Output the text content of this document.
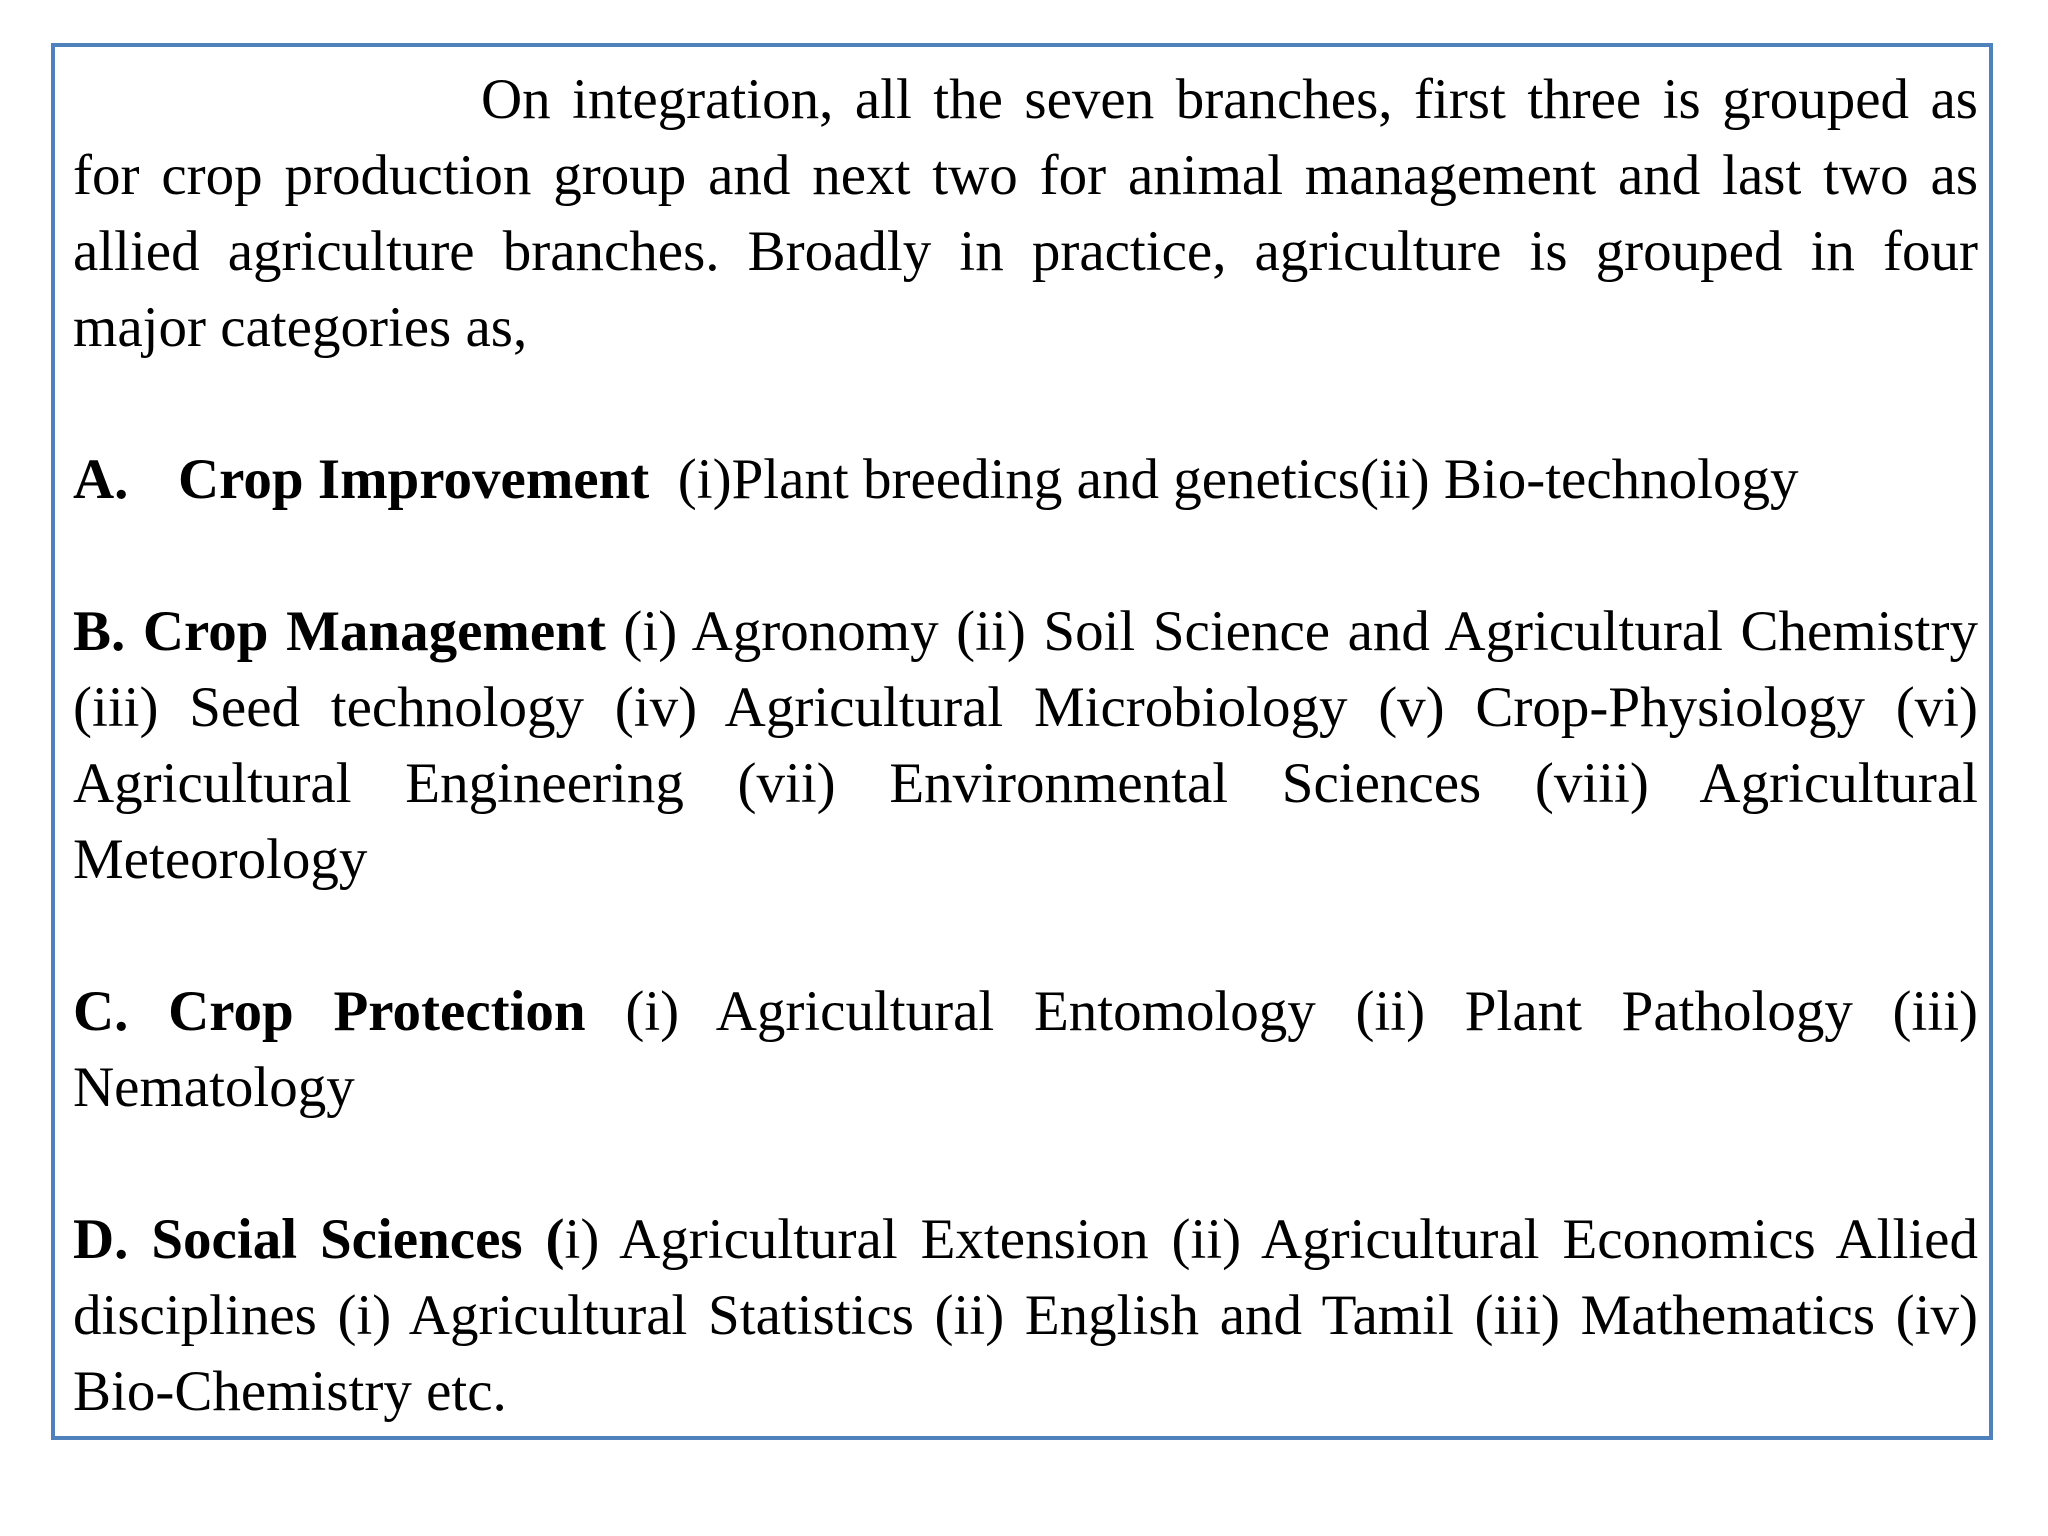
On integration, all the seven branches, first three is grouped as for crop production group and next two for animal management and last two as allied agriculture branches. Broadly in practice, agriculture is grouped in four major categories as,

A. Crop Improvement (i)Plant breeding and genetics(ii) Bio-technology

B. Crop Management (i) Agronomy (ii) Soil Science and Agricultural Chemistry (iii) Seed technology (iv) Agricultural Microbiology (v) Crop-Physiology (vi) Agricultural Engineering (vii) Environmental Sciences (viii) Agricultural Meteorology

C. Crop Protection (i) Agricultural Entomology (ii) Plant Pathology (iii) Nematology

D. Social Sciences (i) Agricultural Extension (ii) Agricultural Economics Allied disciplines (i) Agricultural Statistics (ii) English and Tamil (iii) Mathematics (iv) Bio-Chemistry etc.
